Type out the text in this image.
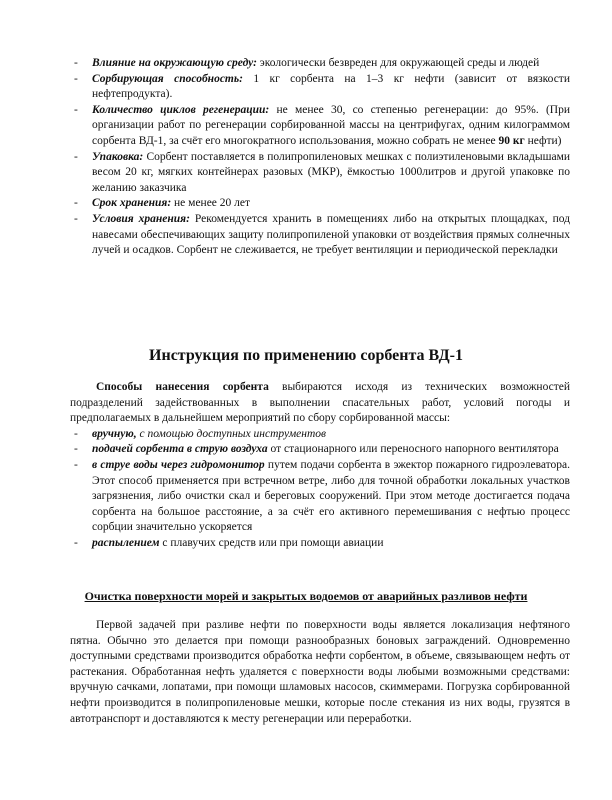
- Влияние на окружающую среду: экологически безвреден для окружающей среды и людей
- Сорбирующая способность: 1 кг сорбента на 1–3 кг нефти (зависит от вязкости нефтепродукта).
- Количество циклов регенерации: не менее 30, со степенью регенерации: до 95%. (При организации работ по регенерации сорбированной массы на центрифугах, одним килограммом сорбента ВД-1, за счёт его многократного использования, можно собрать не менее 90 кг нефти)
- Упаковка: Сорбент поставляется в полипропиленовых мешках с полиэтиленовыми вкладышами весом 20 кг, мягких контейнерах разовых (МКР), ёмкостью 1000литров и другой упаковке по желанию заказчика
- Срок хранения: не менее 20 лет
- Условия хранения: Рекомендуется хранить в помещениях либо на открытых площадках, под навесами обеспечивающих защиту полипропиленой упаковки от воздействия прямых солнечных лучей и осадков. Сорбент не слеживается, не требует вентиляции и периодической перекладки
Инструкция по применению сорбента ВД-1

Способы нанесения сорбента выбираются исходя из технических возможностей подразделений задействованных в выполнении спасательных работ, условий погоды и предполагаемых в дальнейшем мероприятий по сбору сорбированной массы:

- вручную, с помощью доступных инструментов
- подачей сорбента в струю воздуха от стационарного или переносного напорного вентилятора
- в струе воды через гидромонитор путем подачи сорбента в эжектор пожарного гидроэлеватора. Этот способ применяется при встречном ветре, либо для точной обработки локальных участков загрязнения, либо очистки скал и береговых сооружений. При этом методе достигается подача сорбента на большое расстояние, а за счёт его активного перемешивания с нефтью процесс сорбции значительно ускоряется
- распылением с плавучих средств или при помощи авиации
Очистка поверхности морей и закрытых водоемов от аварийных разливов нефти

Первой задачей при разливе нефти по поверхности воды является локализация нефтяного пятна. Обычно это делается при помощи разнообразных боновых заграждений. Одновременно доступными средствами производится обработка нефти сорбентом, в объеме, связывающем нефть от растекания. Обработанная нефть удаляется с поверхности воды любыми возможными средствами: вручную сачками, лопатами, при помощи шламовых насосов, скиммерами. Погрузка сорбированной нефти производится в полипропиленовые мешки, которые после стекания из них воды, грузятся в автотранспорт и доставляются к месту регенерации или переработки.
